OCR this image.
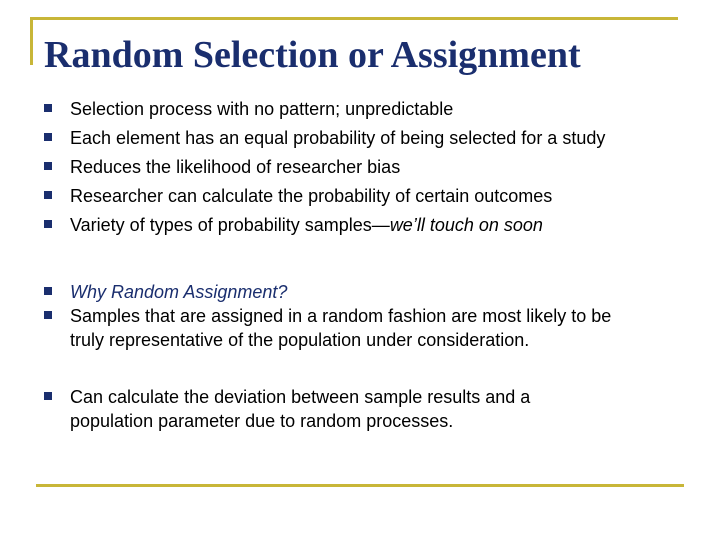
Random Selection or Assignment
Selection process with no pattern; unpredictable
Each element has an equal probability of being selected for a study
Reduces the likelihood of researcher bias
Researcher can calculate the probability of certain outcomes
Variety of types of probability samples—we’ll touch on soon
Why Random Assignment?
Samples that are assigned in a random fashion are most likely to be
truly representative of the population under consideration.
Can calculate the deviation between sample results and a
population parameter due to random processes.
